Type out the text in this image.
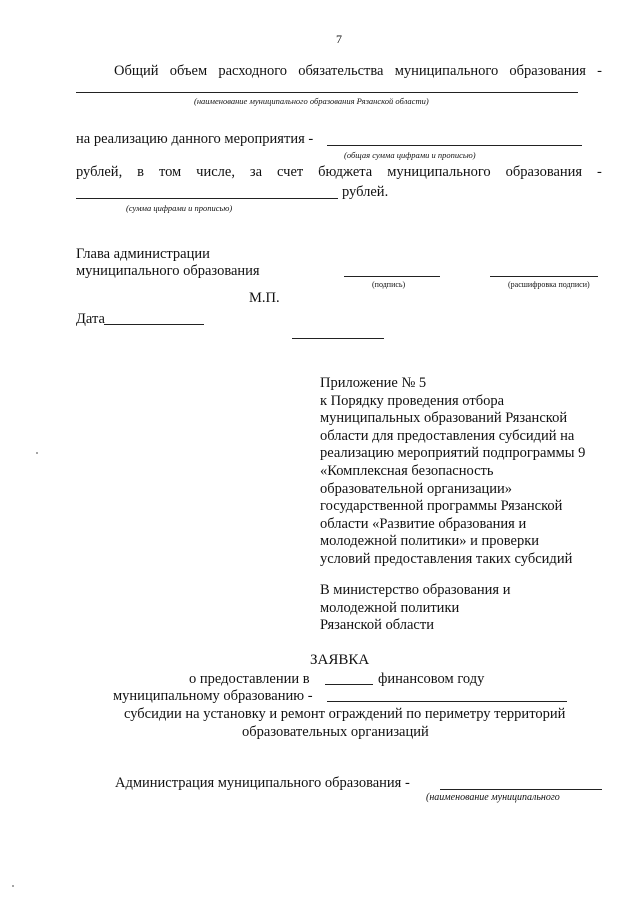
7
Общий объем расходного обязательства муниципального образования -
(наименование муниципального образования Рязанской области)
на реализацию данного мероприятия -
(общая сумма цифрами и прописью)
рублей, в том числе, за счет бюджета муниципального образования -
рублей.
(сумма цифрами и прописью)
Глава администрации
муниципального образования
(подпись)	(расшифровка подписи)
М.П.
Дата
Приложение № 5
к Порядку проведения отбора
муниципальных образований Рязанской
области для предоставления субсидий на
реализацию мероприятий подпрограммы 9
«Комплексная безопасность
образовательной организации»
государственной программы Рязанской
области «Развитие образования и
молодежной политики» и проверки
условий предоставления таких субсидий
В министерство образования и
молодежной политики
Рязанской области
ЗАЯВКА
о предоставлении в	финансовом году
муниципальному образованию -
субсидии на установку и ремонт ограждений по периметру территорий
образовательных организаций
Администрация муниципального образования -
(наименование муниципального
